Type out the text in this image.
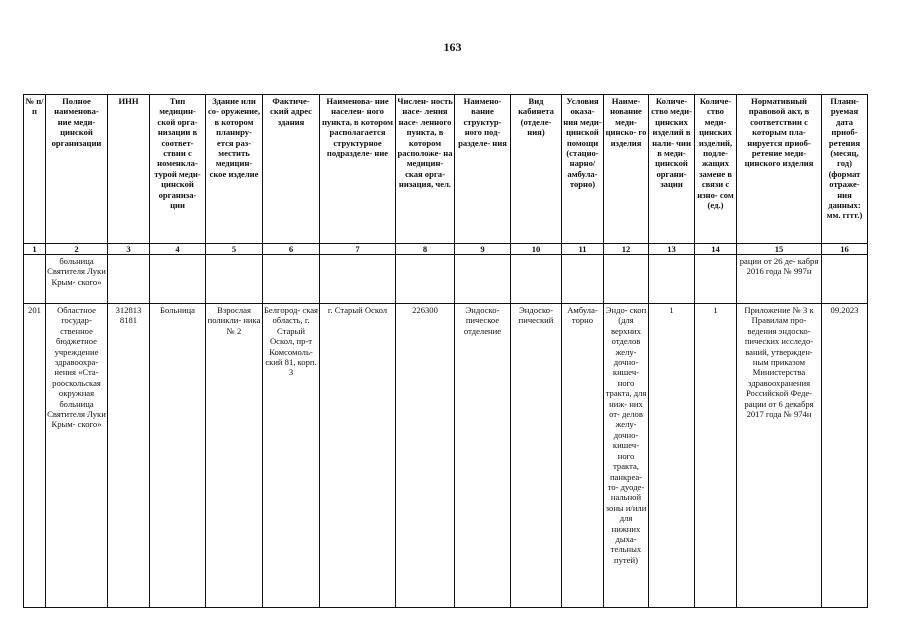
163
№ п/п	Полное наименова- ние меди- цинской организации	ИНН	Тип медицин- ской орга- низации в соответ- ствии с номенкла- турой меди- цинской организа- ции	Здание или со- оружение, в котором планиру- ется раз- местить медицин- ское изделие	Фактиче- ский адрес здания	Наименова- ние населен- ного пункта, в котором располагается структурное подразделе- ние	Числен- ность насе- ления насе- ленного пункта, в котором расположе- на медицин- ская орга- низация, чел.	Наимено- вание структур- ного под- разделе- ния	Вид кабинета (отделе- ния)	Условия оказа- ния меди- цинской помощи (стацио- нарно/ амбула- торно)	Наиме- нование меди- цинско- го изделия	Количе- ство меди- цинских изделий в нали- чии в меди- цинской органи- зации	Количе- ство меди- цинских изделий, подле- жащих замене в связи с изно- сом (ед.)	Нормативный правовой акт, в соответствии с которым пла- нируется приоб- ретение меди- цинского изделия	Плани- руемая дата приоб- ретения (месяц, год) (формат отраже- ния данных: мм. гггг.)
1	2	3	4	5	6	7	8	9	10	11	12	13	14	15	16
	больница Святителя Луки Крым- ского»													рации от 26 де- кабря 2016 года № 997н	
201	Областное государ- ственное бюджетное учреждение здравоохра- нения «Ста- рооскольская окружная больница Святителя Луки Крым- ского»	312813 8181	Больница	Взрослая поликли- ника № 2	Белгород- ская область, г. Старый Оскол, пр-т Комсомоль- ский 81, корп. 3	г. Старый Оскол	226300	Эндоско- пическое отделение	Эндоско- пический	Амбула- торно	Эндо- скоп (для верхних отделов желу- дочно- кишеч- ного тракта, для ниж- них от- делов желу- дочно- кишеч- ного тракта, панкреа- то- дуоде- нальной зоны и/или для нижних дыха- тельных путей)	1	1	Приложение № 3 к Правилам про- ведения эндоско- пических исследо- ваний, утвержден- ным приказом Министерства здравоохранения Российской Феде- рации от 6 декабря 2017 года № 974н	09.2023
